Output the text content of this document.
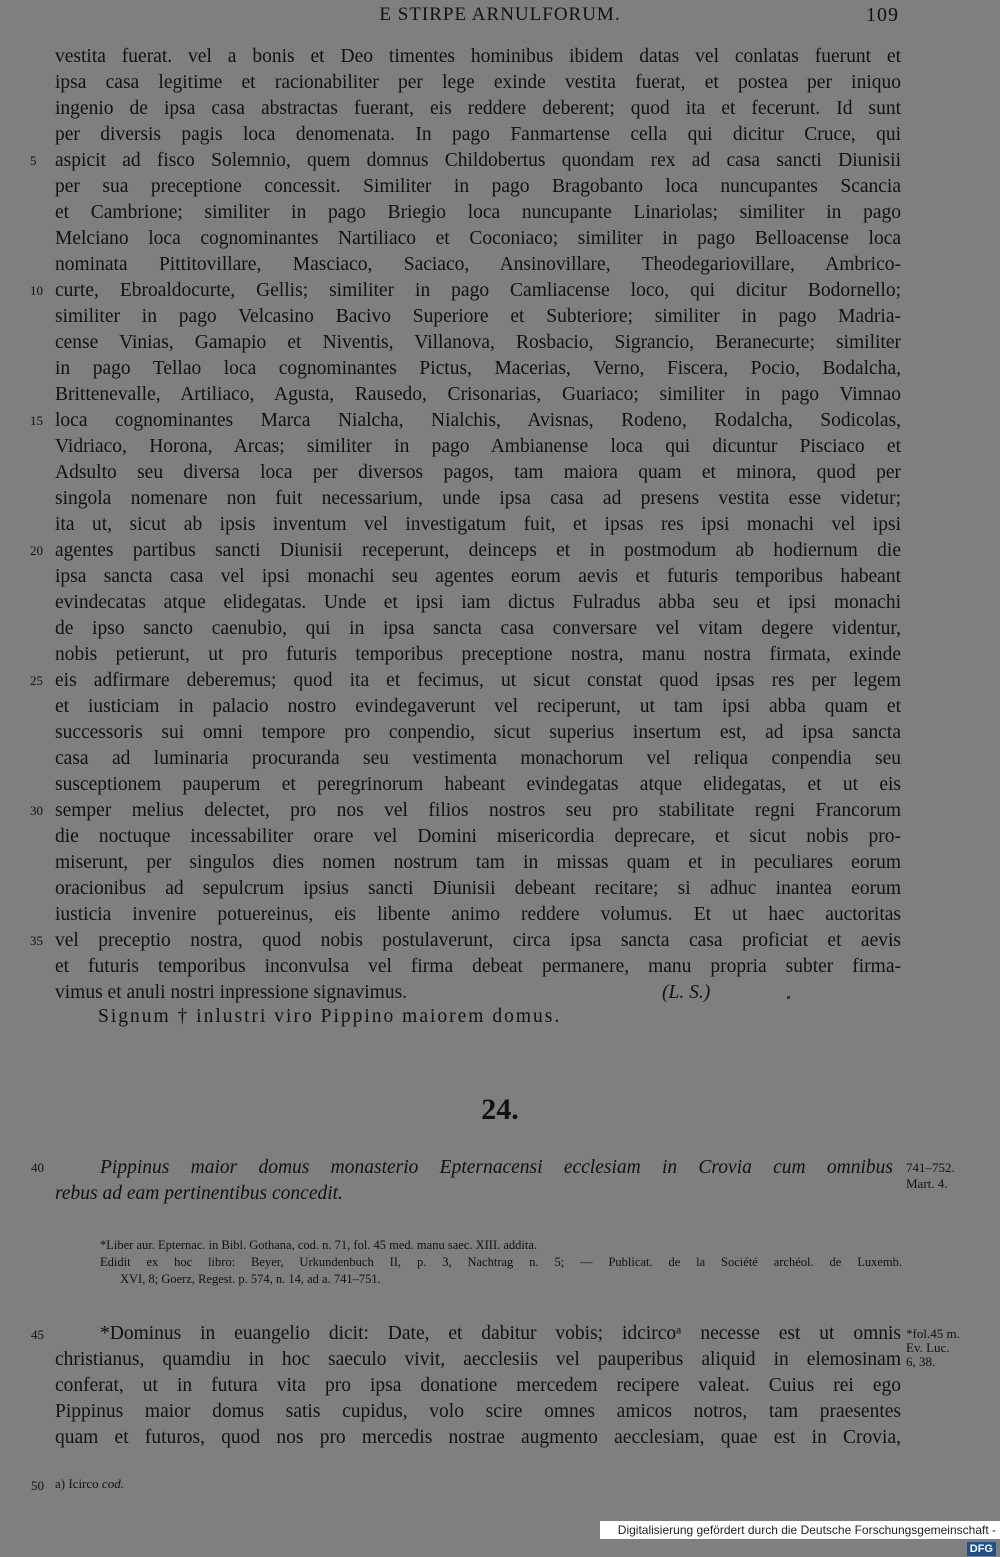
E STIRPE ARNULFORUM.	109
vestita fuerat. vel a bonis et Deo timentes hominibus ibidem datas vel conlatas fuerunt et
ipsa casa legitime et racionabiliter per lege exinde vestita fuerat, et postea per iniquo
ingenio de ipsa casa abstractas fuerant, eis reddere deberent; quod ita et fecerunt. Id sunt
per diversis pagis loca denomenata. In pago Fanmartense cella qui dicitur Cruce, qui
5 aspicit ad fisco Solemnio, quem domnus Childobertus quondam rex ad casa sancti Diunisii
per sua preceptione concessit. Similiter in pago Bragobanto loca nuncupantes Scancia
et Cambrione; similiter in pago Briegio loca nuncupante Linariolas; similiter in pago
Melciano loca cognominantes Nartiliaco et Coconiaco; similiter in pago Belloacense loca
nominata Pittitovillare, Masciaco, Saciaco, Ansinovillare, Theodegariovillare, Ambrico-
10 curte, Ebroaldocurte, Gellis; similiter in pago Camliacense loco, qui dicitur Bodornello;
similiter in pago Velcasino Bacivo Superiore et Subteriore; similiter in pago Madria-
cense Vinias, Gamapio et Niventis, Villanova, Rosbacio, Sigrancio, Beranecurte; similiter
in pago Tellao loca cognominantes Pictus, Macerias, Verno, Fiscera, Pocio, Bodalcha,
Brittenevalle, Artiliaco, Agusta, Rausedo, Crisonarias, Guariaco; similiter in pago Vimnao
15 loca cognominantes Marca Nialcha, Nialchis, Avisnas, Rodeno, Rodalcha, Sodicolas,
Vidriaco, Horona, Arcas; similiter in pago Ambianense loca qui dicuntur Pisciaco et
Adsulto seu diversa loca per diversos pagos, tam maiora quam et minora, quod per
singola nomenare non fuit necessarium, unde ipsa casa ad presens vestita esse videtur;
ita ut, sicut ab ipsis inventum vel investigatum fuit, et ipsas res ipsi monachi vel ipsi
20 agentes partibus sancti Diunisii receperunt, deinceps et in postmodum ab hodiernum die
ipsa sancta casa vel ipsi monachi seu agentes eorum aevis et futuris temporibus habeant
evindecatas atque elidegatas. Unde et ipsi iam dictus Fulradus abba seu et ipsi monachi
de ipso sancto caenubio, qui in ipsa sancta casa conversare vel vitam degere videntur,
nobis petierunt, ut pro futuris temporibus preceptione nostra, manu nostra firmata, exinde
25 eis adfirmare deberemus; quod ita et fecimus, ut sicut constat quod ipsas res per legem
et iusticiam in palacio nostro evindegaverunt vel reciperunt, ut tam ipsi abba quam et
successoris sui omni tempore pro conpendio, sicut superius insertum est, ad ipsa sancta
casa ad luminaria procuranda seu vestimenta monachorum vel reliqua conpendia seu
susceptionem pauperum et peregrinorum habeant evindegatas atque elidegatas, et ut eis
30 semper melius delectet, pro nos vel filios nostros seu pro stabilitate regni Francorum
die noctuque incessabiliter orare vel Domini misericordia deprecare, et sicut nobis pro-
miserunt, per singulos dies nomen nostrum tam in missas quam et in peculiares eorum
oracionibus ad sepulcrum ipsius sancti Diunisii debeant recitare; si adhuc inantea eorum
iusticia invenire potuereinus, eis libente animo reddere volumus. Et ut haec auctoritas
35 vel preceptio nostra, quod nobis postulaverunt, circa ipsa sancta casa proficiat et aevis
et futuris temporibus inconvulsa vel firma debeat permanere, manu propria subter firma-
vimus et anuli nostri inpressione signavimus.	(L. S.)
Signum † inlustri viro Pippino maiorem domus.
24.
40	Pippinus maior domus monasterio Epternacensi ecclesiam in Crovia cum omnibus
rebus ad eam pertinentibus concedit.
741–752.
Mart. 4.
*Liber aur. Epternac. in Bibl. Gothana, cod. n. 71, fol. 45 med. manu saec. XIII. addita.
Edidit ex hoc libro: Beyer, Urkundenbuch II, p. 3, Nachtrag n. 5; — Publicat. de la Société archéol. de Luxemb.
XVI, 8; Goerz, Regest. p. 574, n. 14, ad a. 741–751.
45	*Dominus in euangelio dicit: Date, et dabitur vobis; idcircoᵃ necesse est ut omnis
christianus, quamdiu in hoc saeculo vivit, aecclesiis vel pauperibus aliquid in elemosinam
conferat, ut in futura vita pro ipsa donatione mercedem recipere valeat. Cuius rei ego
Pippinus maior domus satis cupidus, volo scire omnes amicos notros, tam praesentes
quam et futuros, quod nos pro mercedis nostrae augmento aecclesiam, quae est in Crovia,
*fol.45 m.
Ev. Luc.
6, 38.
50 a) Icirco cod.
Digitalisierung gefördert durch die Deutsche Forschungsgemeinschaft -DFG
